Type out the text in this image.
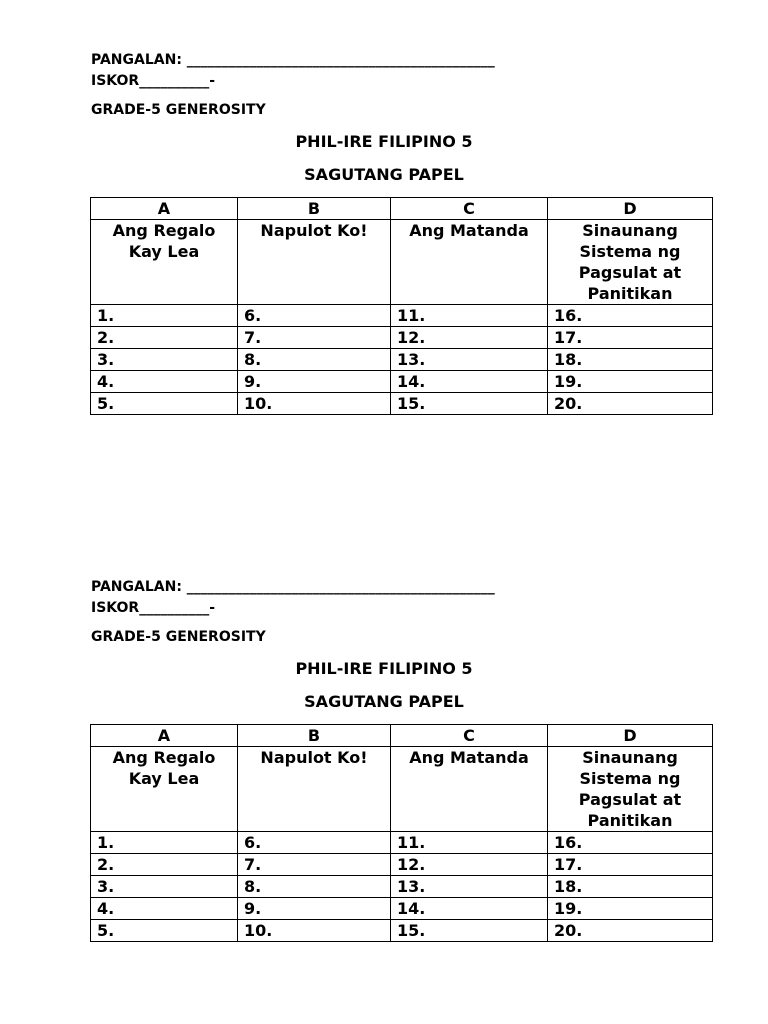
PANGALAN: ____________________________________________
ISKOR__________-
GRADE-5 GENEROSITY
PHIL-IRE FILIPINO 5
SAGUTANG PAPEL
A	B	C	D
Ang Regalo Kay Lea	Napulot Ko!	Ang Matanda	Sinaunang Sistema ng Pagsulat at Panitikan
1.	6.	11.	16.
2.	7.	12.	17.
3.	8.	13.	18.
4.	9.	14.	19.
5.	10.	15.	20.
PANGALAN: ____________________________________________
ISKOR__________-
GRADE-5 GENEROSITY
PHIL-IRE FILIPINO 5
SAGUTANG PAPEL
A	B	C	D
Ang Regalo Kay Lea	Napulot Ko!	Ang Matanda	Sinaunang Sistema ng Pagsulat at Panitikan
1.	6.	11.	16.
2.	7.	12.	17.
3.	8.	13.	18.
4.	9.	14.	19.
5.	10.	15.	20.
